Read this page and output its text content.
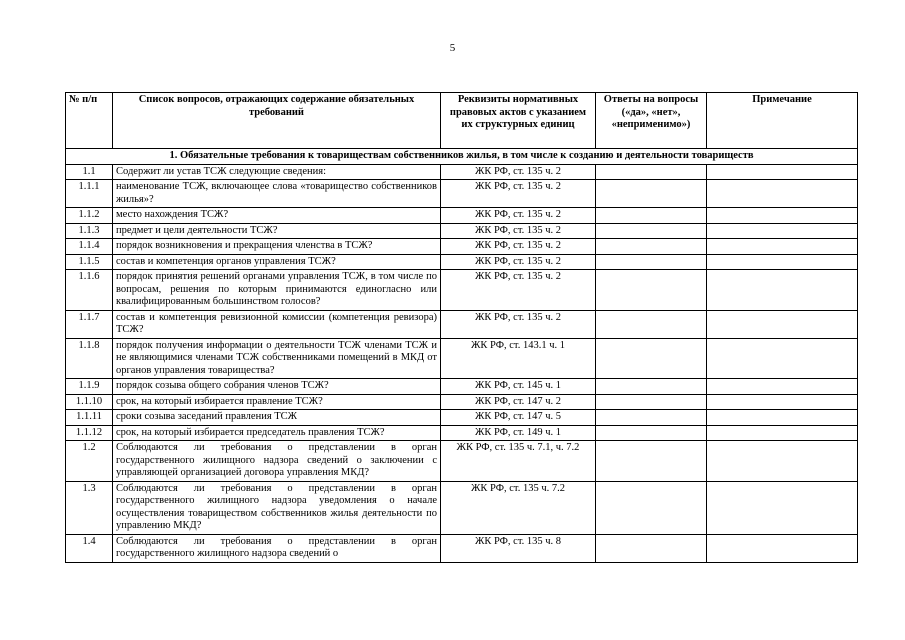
5
№ п/п	Список вопросов, отражающих содержание обязательных требований	Реквизиты нормативных правовых актов с указанием их структурных единиц	Ответы на вопросы («да», «нет», «неприменимо»)	Примечание
1. Обязательные требования к товариществам собственников жилья, в том числе к созданию и деятельности товариществ				
1.1	Содержит ли устав ТСЖ следующие сведения:	ЖК РФ, ст. 135 ч. 2		
1.1.1	наименование ТСЖ, включающее слова «товарищество собственников жилья»?	ЖК РФ, ст. 135 ч. 2		
1.1.2	место нахождения ТСЖ?	ЖК РФ, ст. 135 ч. 2		
1.1.3	предмет и цели деятельности ТСЖ?	ЖК РФ, ст. 135 ч. 2		
1.1.4	порядок возникновения и прекращения членства в ТСЖ?	ЖК РФ, ст. 135 ч. 2		
1.1.5	состав и компетенция органов управления ТСЖ?	ЖК РФ, ст. 135 ч. 2		
1.1.6	порядок принятия решений органами управления ТСЖ, в том числе по вопросам, решения по которым принимаются единогласно или квалифицированным большинством голосов?	ЖК РФ, ст. 135 ч. 2		
1.1.7	состав и компетенция ревизионной комиссии (компетенция ревизора) ТСЖ?	ЖК РФ, ст. 135 ч. 2		
1.1.8	порядок получения информации о деятельности ТСЖ членами ТСЖ и не являющимися членами ТСЖ собственниками помещений в МКД от органов управления товарищества?	ЖК РФ, ст. 143.1 ч. 1		
1.1.9	порядок созыва общего собрания членов ТСЖ?	ЖК РФ, ст. 145 ч. 1		
1.1.10	срок, на который избирается правление ТСЖ?	ЖК РФ, ст. 147 ч. 2		
1.1.11	сроки созыва заседаний правления ТСЖ	ЖК РФ, ст. 147 ч. 5		
1.1.12	срок, на который избирается председатель правления ТСЖ?	ЖК РФ, ст. 149 ч. 1		
1.2	Соблюдаются ли требования о представлении в орган государственного жилищного надзора сведений о заключении с управляющей организацией договора управления МКД?	ЖК РФ, ст. 135 ч. 7.1, ч. 7.2		
1.3	Соблюдаются ли требования о представлении в орган государственного жилищного надзора уведомления о начале осуществления товариществом собственников жилья деятельности по управлению МКД?	ЖК РФ, ст. 135 ч. 7.2		
1.4	Соблюдаются ли требования о представлении в орган государственного жилищного надзора сведений о	ЖК РФ, ст. 135 ч. 8		
